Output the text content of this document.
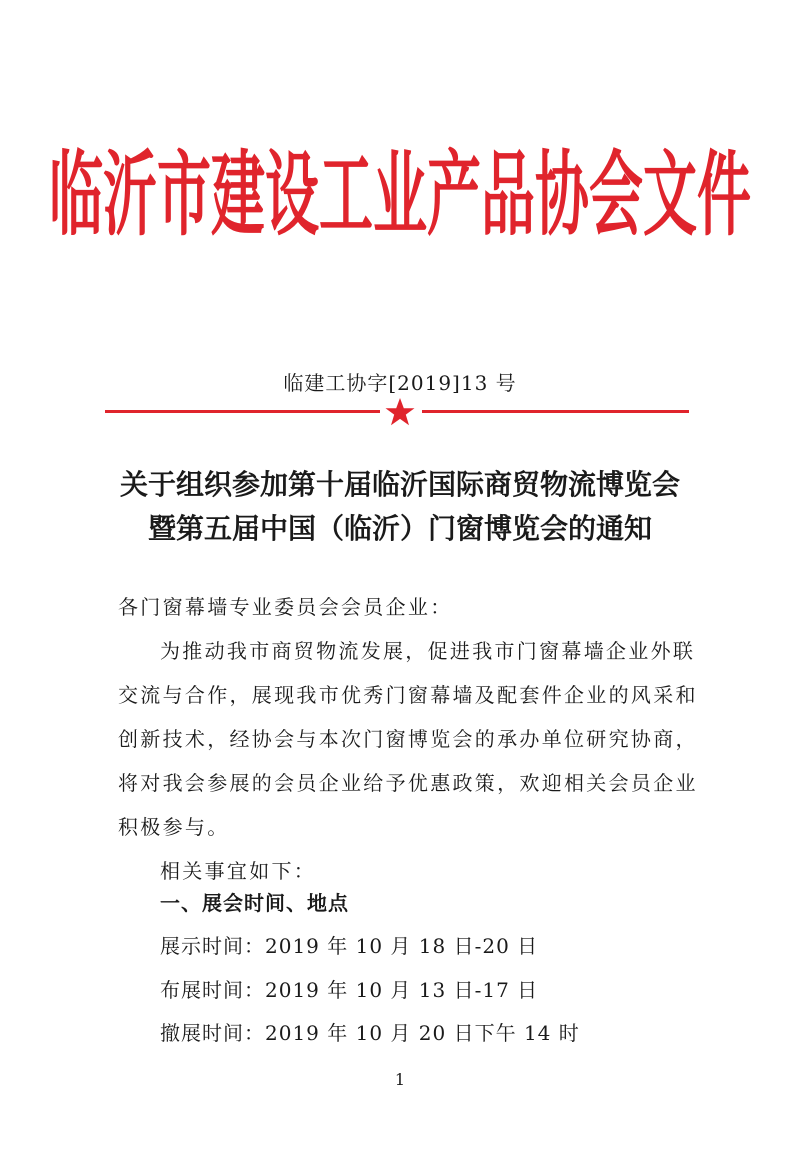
临沂市建设工业产品协会文件
临建工协字[2019]13 号
关于组织参加第十届临沂国际商贸物流博览会
暨第五届中国（临沂）门窗博览会的通知
各门窗幕墙专业委员会会员企业：
为推动我市商贸物流发展，促进我市门窗幕墙企业外联
交流与合作，展现我市优秀门窗幕墙及配套件企业的风采和
创新技术，经协会与本次门窗博览会的承办单位研究协商，
将对我会参展的会员企业给予优惠政策，欢迎相关会员企业
积极参与。
相关事宜如下：
一、展会时间、地点
展示时间：2019 年 10 月 18 日-20 日
布展时间：2019 年 10 月 13 日-17 日
撤展时间：2019 年 10 月 20 日下午 14 时
1
